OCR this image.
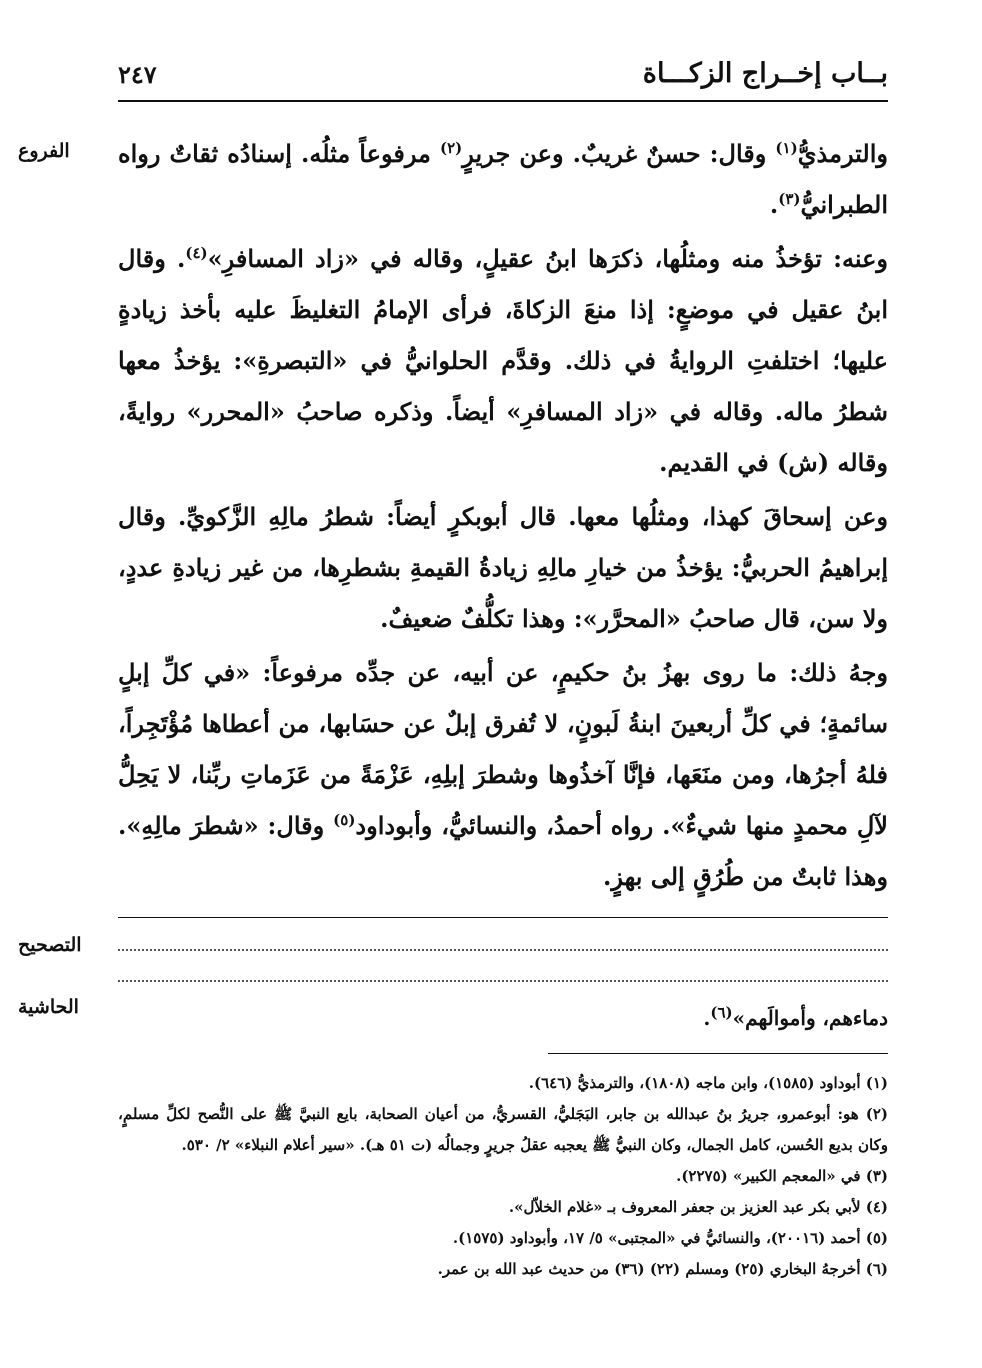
بــاب إخــراج الزكـــاة
٢٤٧
الفروع	والترمذيُّ$^{(١)}$ وقال: حسنٌ غريبٌ. وعن جريرٍ$^{(٢)}$ مرفوعاً مثلُه. إسنادُه ثقاتٌ رواه الطبرانيُّ$^{(٣)}$.

وعنه: تؤخذُ منه ومثلُها، ذكرَها ابنُ عقيلٍ، وقاله في «زاد المسافرِ»$^{(٤)}$. وقال ابنُ عقيل في موضعٍ: إذا منعَ الزكاةَ، فرأى الإمامُ التغليظَ عليه بأخذ زيادةٍ عليها؛ اختلفتِ الروايةُ في ذلك. وقدَّم الحلوانيُّ في «التبصرةِ»: يؤخذُ معها شطرُ ماله. وقاله في «زاد المسافرِ» أيضاً. وذكره صاحبُ «المحرر» روايةً، وقاله (ش) في القديم.

وعن إسحاقَ كهذا، ومثلُها معها. قال أبوبكرٍ أيضاً: شطرُ مالِهِ الزَّكويِّ. وقال إبراهيمُ الحربيُّ: يؤخذُ من خيارِ مالِهِ زيادةُ القيمةِ بشطرِها، من غير زيادةِ عددٍ، ولا سن، قال صاحبُ «المحرَّر»: وهذا تكلُّفٌ ضعيفٌ.

وجهُ ذلك: ما روى بهزُ بنُ حكيمٍ، عن أبيه، عن جدِّه مرفوعاً: «في كلِّ إبلٍ سائمةٍ؛ في كلِّ أربعينَ ابنةُ لَبونٍ، لا تُفرق إبلٌ عن حسَابها، من أعطاها مُؤْتَجِراً، فلهُ أجرُها، ومن منَعَها، فإنَّا آخذُوها وشطرَ إبلِهِ، عَزْمَةً من عَزَماتِ ربِّنا، لا يَحِلُّ لآلِ محمدٍ منها شيءٌ». رواه أحمدُ، والنسائيُّ، وأبوداود$^{(٥)}$ وقال: «شطرَ مالِهِ». وهذا ثابتٌ من طُرُقٍ إلى بهزٍ.

التصحيح
الحاشية	دماءهم، وأموالَهم»$^{(٦)}$.

(١) أبوداود (١٥٨٥)، وابن ماجه (١٨٠٨)، والترمذيُّ (٦٤٦).

(٢) هو: أبوعمرو، جريرُ بنُ عبدالله بن جابر، البَجَليُّ، القسريُّ، من أعيان الصحابة، بايع النبيَّ ﷺ على النُّصح لكلِّ مسلمٍ، وكان بديع الحُسن، كامل الجمال، وكان النبيُّ ﷺ يعجبه عقلُ جريرٍ وجمالُه (ت ٥١ هـ). «سير أعلام النبلاء» ٢/ ٥٣٠.

(٣) في «المعجم الكبير» (٢٢٧٥).

(٤) لأبي بكر عبد العزيز بن جعفر المعروف بـ «غلام الخلاّل».

(٥) أحمد (٢٠٠١٦)، والنسائيُّ في «المجتبى» ٥/ ١٧، وأبوداود (١٥٧٥).

(٦) أخرجهُ البخاري (٢٥) ومسلم (٢٢) (٣٦) من حديث عبد الله بن عمر.
